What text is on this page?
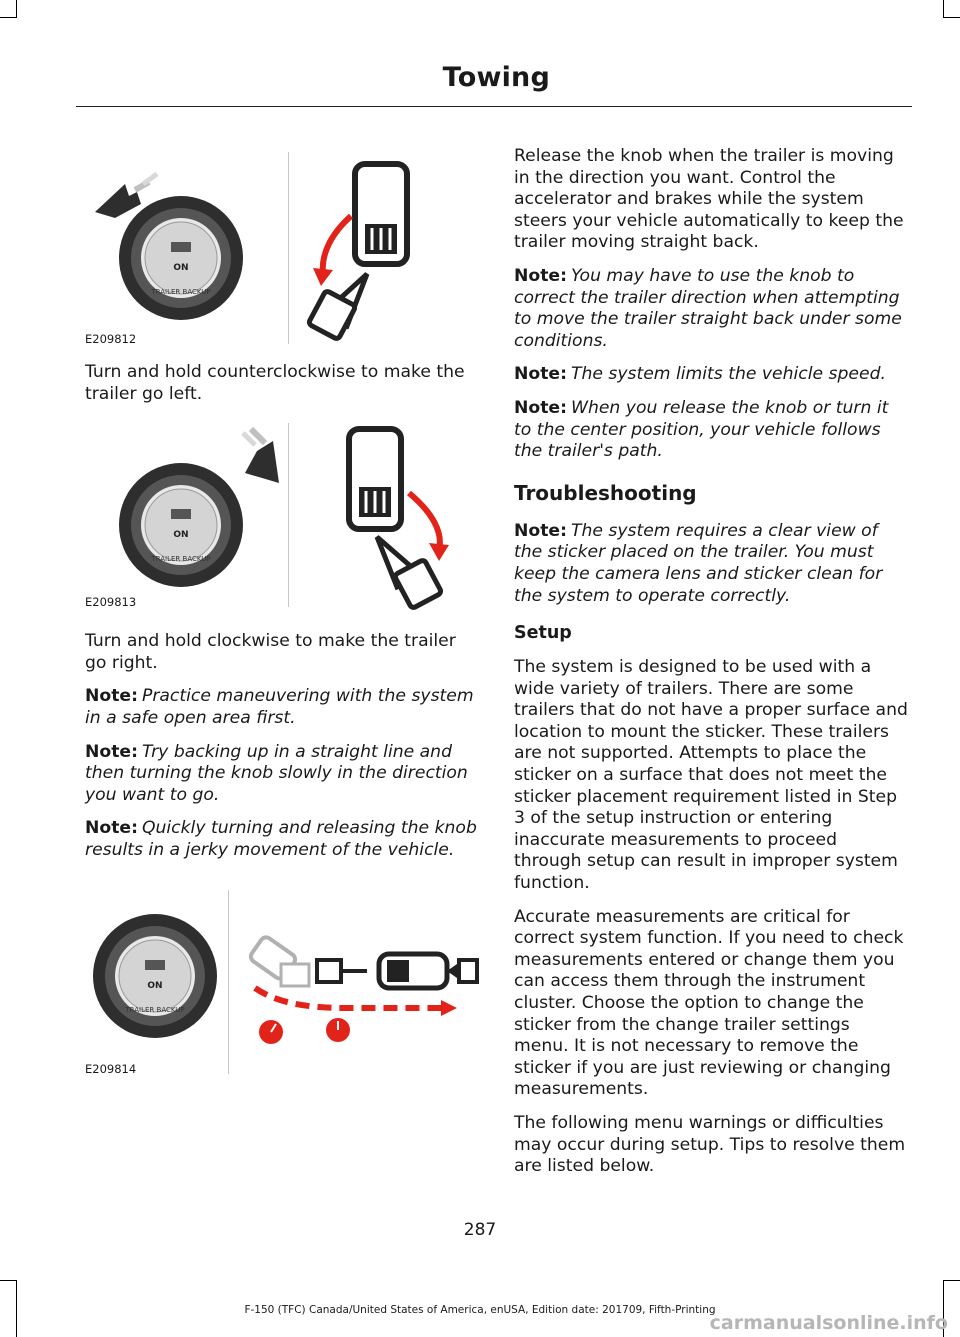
Towing
ON
TRAILER BACKUP
E209812

Turn and hold counterclockwise to make the trailer go left.

ON
TRAILER BACKUP
E209813

Turn and hold clockwise to make the trailer go right.

Note: Practice maneuvering with the system in a safe open area first.

Note: Try backing up in a straight line and then turning the knob slowly in the direction you want to go.

Note: Quickly turning and releasing the knob results in a jerky movement of the vehicle.

ON
TRAILER BACKUP
E209814

Release the knob when the trailer is moving in the direction you want. Control the accelerator and brakes while the system steers your vehicle automatically to keep the trailer moving straight back.

Note: You may have to use the knob to correct the trailer direction when attempting to move the trailer straight back under some conditions.

Note: The system limits the vehicle speed.

Note: When you release the knob or turn it to the center position, your vehicle follows the trailer's path.

Troubleshooting

Note: The system requires a clear view of the sticker placed on the trailer. You must keep the camera lens and sticker clean for the system to operate correctly.

Setup

The system is designed to be used with a wide variety of trailers. There are some trailers that do not have a proper surface and location to mount the sticker. These trailers are not supported. Attempts to place the sticker on a surface that does not meet the sticker placement requirement listed in Step 3 of the setup instruction or entering inaccurate measurements to proceed through setup can result in improper system function.

Accurate measurements are critical for correct system function. If you need to check measurements entered or change them you can access them through the instrument cluster. Choose the option to change the sticker from the change trailer settings menu. It is not necessary to remove the sticker if you are just reviewing or changing measurements.

The following menu warnings or difficulties may occur during setup. Tips to resolve them are listed below.

287
F-150 (TFC) Canada/United States of America, enUSA, Edition date: 201709, Fifth-Printing
carmanualsonline.info
